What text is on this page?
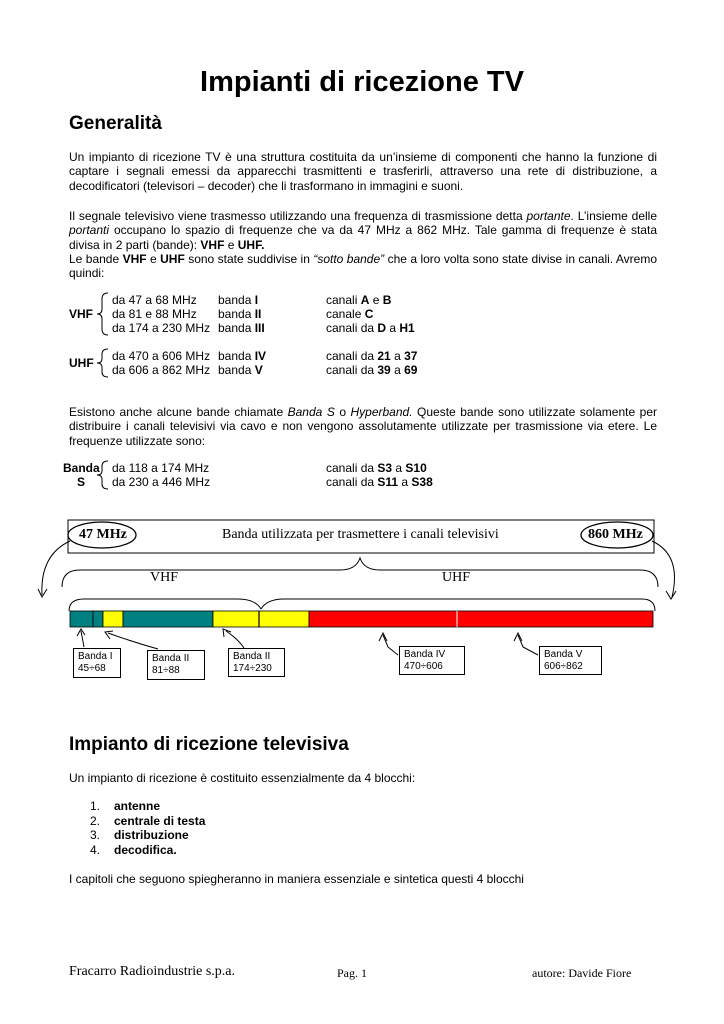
Impianti di ricezione TV
Generalità

Un impianto di ricezione TV è una struttura costituita da un’insieme di componenti che hanno la funzione di captare i segnali emessi da apparecchi trasmittenti e trasferirli, attraverso una rete di distribuzione, a decodificatori (televisori – decoder) che li trasformano in immagini e suoni.

Il segnale televisivo viene trasmesso utilizzando una frequenza di trasmissione detta portante. L’insieme delle portanti occupano lo spazio di frequenze che va da 47 MHz a 862 MHz. Tale gamma di frequenze è stata divisa in 2 parti (bande): VHF e UHF.
Le bande VHF e UHF sono state suddivise in “sotto bande” che a loro volta sono state divise in canali. Avremo quindi:

VHF
da 47 a 68 MHz banda I	canali A e B
da 81 e 88 MHz banda II	canale C
da 174 a 230 MHz banda III	canali da D a H1
UHF da 470 a 606 MHz banda IV	canali da 21 a 37
da 606 a 862 MHz banda V	canali da 39 a 69

Esistono anche alcune bande chiamate Banda S o Hyperband. Queste bande sono utilizzate solamente per distribuire i canali televisivi via cavo e non vengono assolutamente utilizzate per trasmissione via etere. Le frequenze utilizzate sono:

Banda
S
da 118 a 174 MHz	canali da S3 a S10
da 230 a 446 MHz	canali da S11 a S38
47 MHz	860 MHz
Banda utilizzata per trasmettere i canali televisivi
VHF	UHF
Banda I
45÷68
Banda II
81÷88
Banda II
174÷230
Banda IV
470÷606
Banda V
606÷862
Impianto di ricezione televisiva

Un impianto di ricezione è costituito essenzialmente da 4 blocchi:

1. antenne
2. centrale di testa
3. distribuzione
4. decodifica.

I capitoli che seguono spiegheranno in maniera essenziale e sintetica questi 4 blocchi

Fracarro Radioindustrie s.p.a.	Pag. 1	autore: Davide Fiore
